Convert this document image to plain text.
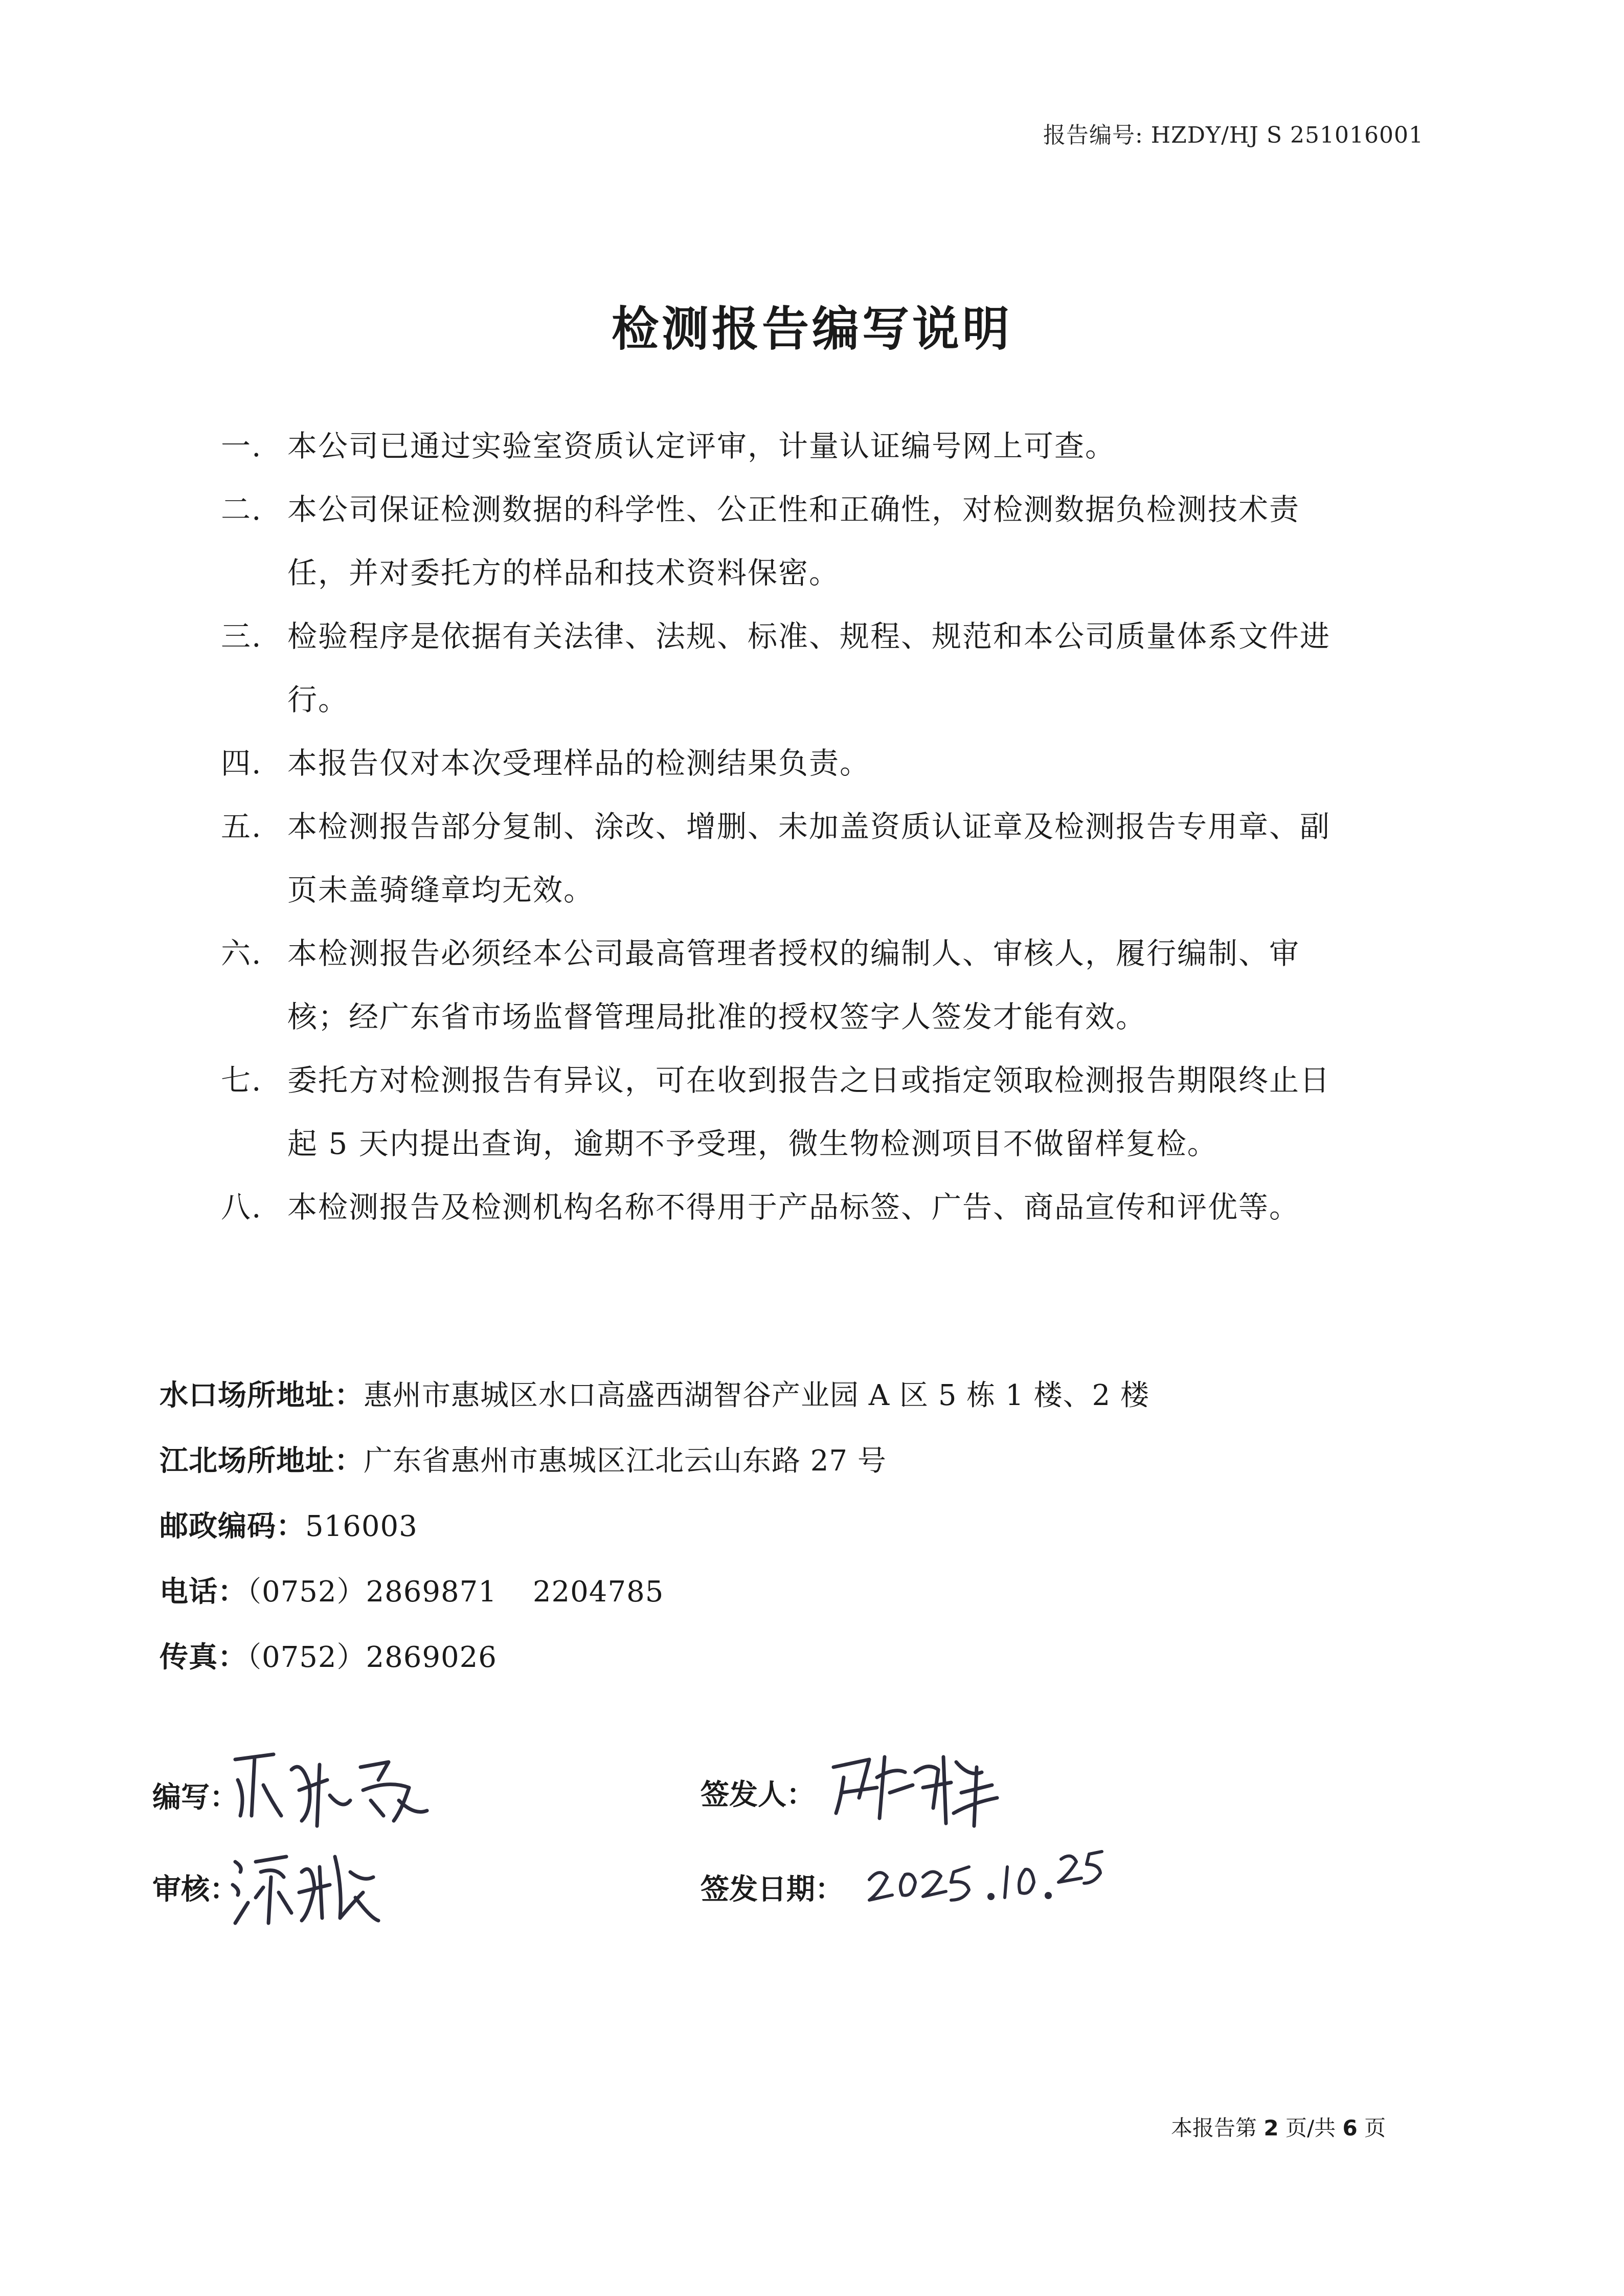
报告编号: HZDY/HJ S 251016001
检测报告编写说明
一. 本公司已通过实验室资质认定评审，计量认证编号网上可查。
二. 本公司保证检测数据的科学性、公正性和正确性，对检测数据负检测技术责任，并对委托方的样品和技术资料保密。
三. 检验程序是依据有关法律、法规、标准、规程、规范和本公司质量体系文件进行。
四. 本报告仅对本次受理样品的检测结果负责。
五. 本检测报告部分复制、涂改、增删、未加盖资质认证章及检测报告专用章、副页未盖骑缝章均无效。
六. 本检测报告必须经本公司最高管理者授权的编制人、审核人，履行编制、审核；经广东省市场监督管理局批准的授权签字人签发才能有效。
七. 委托方对检测报告有异议，可在收到报告之日或指定领取检测报告期限终止日起 5 天内提出查询，逾期不予受理，微生物检测项目不做留样复检。
八. 本检测报告及检测机构名称不得用于产品标签、广告、商品宣传和评优等。
水口场所地址：惠州市惠城区水口高盛西湖智谷产业园 A 区 5 栋 1 楼、2 楼
江北场所地址：广东省惠州市惠城区江北云山东路 27 号
邮政编码：516003
电话：（0752）2869871 2204785
传真：（0752）2869026
编写：
审核：
签发人：
签发日期：
本报告第 2 页/共 6 页
